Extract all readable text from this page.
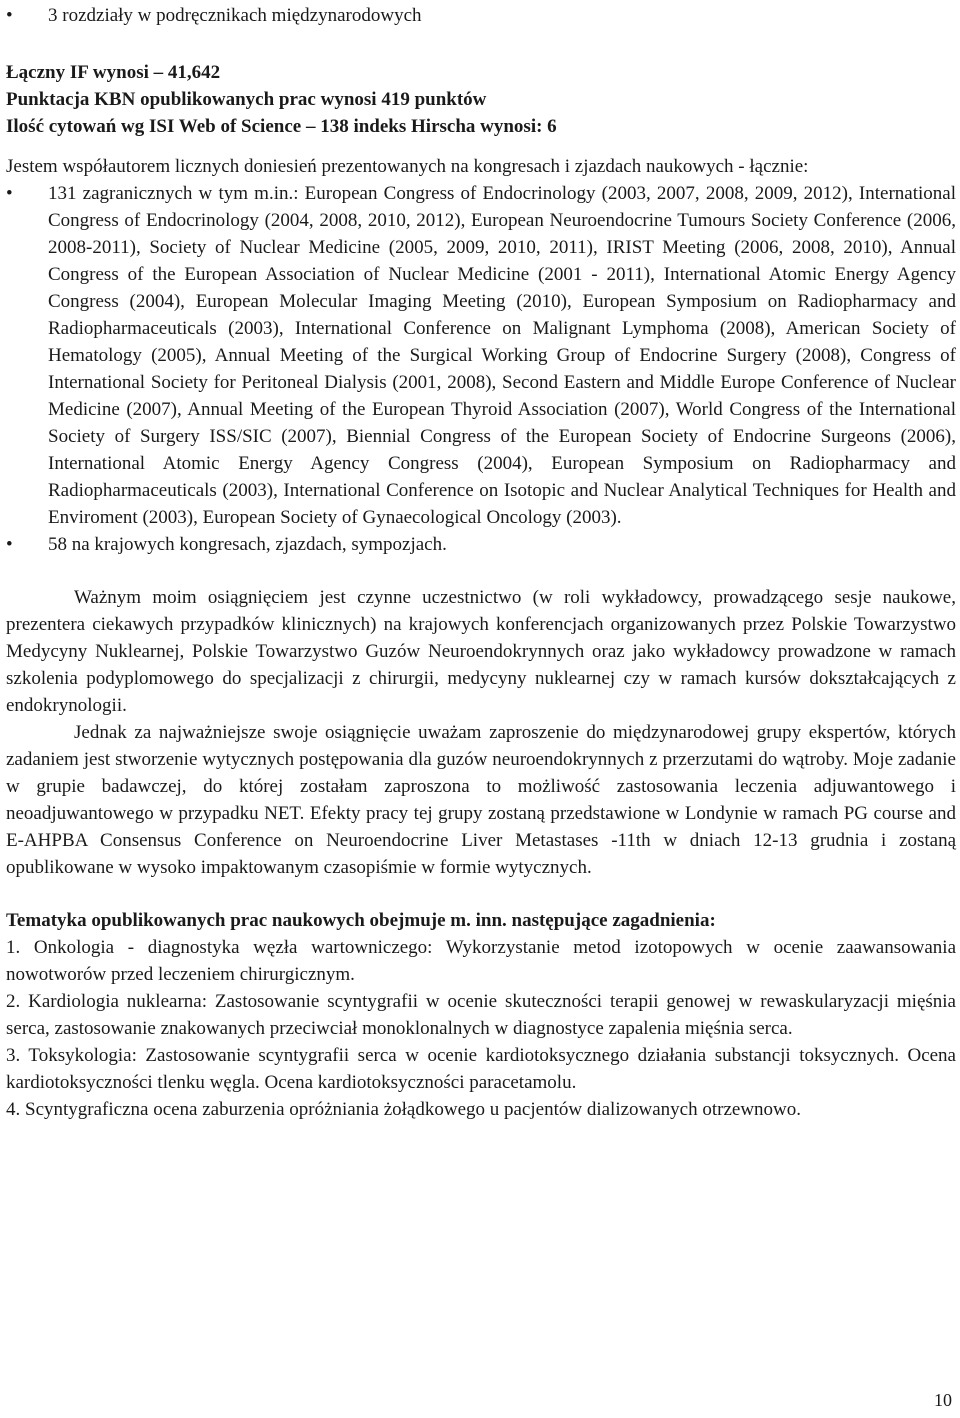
• 3 rozdziały w podręcznikach międzynarodowych
Łączny IF wynosi – 41,642
Punktacja KBN opublikowanych prac wynosi 419 punktów
Ilość cytowań wg ISI Web of Science – 138 indeks Hirscha wynosi: 6
Jestem współautorem licznych doniesień prezentowanych na kongresach i zjazdach naukowych - łącznie:
• 131 zagranicznych w tym m.in.: European Congress of Endocrinology (2003, 2007, 2008, 2009, 2012), International Congress of Endocrinology (2004, 2008, 2010, 2012), European Neuroendocrine Tumours Society Conference (2006, 2008-2011), Society of Nuclear Medicine (2005, 2009, 2010, 2011), IRIST Meeting (2006, 2008, 2010), Annual Congress of the European Association of Nuclear Medicine (2001 - 2011), International Atomic Energy Agency Congress (2004), European Molecular Imaging Meeting (2010), European Symposium on Radiopharmacy and Radiopharmaceuticals (2003), International Conference on Malignant Lymphoma (2008), American Society of Hematology (2005), Annual Meeting of the Surgical Working Group of Endocrine Surgery (2008), Congress of International Society for Peritoneal Dialysis (2001, 2008), Second Eastern and Middle Europe Conference of Nuclear Medicine (2007), Annual Meeting of the European Thyroid Association (2007), World Congress of the International Society of Surgery ISS/SIC (2007), Biennial Congress of the European Society of Endocrine Surgeons (2006), International Atomic Energy Agency Congress (2004), European Symposium on Radiopharmacy and Radiopharmaceuticals (2003), International Conference on Isotopic and Nuclear Analytical Techniques for Health and Enviroment (2003), European Society of Gynaecological Oncology (2003).
• 58 na krajowych kongresach, zjazdach, sympozjach.
Ważnym moim osiągnięciem jest czynne uczestnictwo (w roli wykładowcy, prowadzącego sesje naukowe, prezentera ciekawych przypadków klinicznych) na krajowych konferencjach organizowanych przez Polskie Towarzystwo Medycyny Nuklearnej, Polskie Towarzystwo Guzów Neuroendokrynnych oraz jako wykładowcy prowadzone w ramach szkolenia podyplomowego do specjalizacji z chirurgii, medycyny nuklearnej czy w ramach kursów dokształcających z endokrynologii.
Jednak za najważniejsze swoje osiągnięcie uważam zaproszenie do międzynarodowej grupy ekspertów, których zadaniem jest stworzenie wytycznych postępowania dla guzów neuroendokrynnych z przerzutami do wątroby. Moje zadanie w grupie badawczej, do której zostałam zaproszona to możliwość zastosowania leczenia adjuwantowego i neoadjuwantowego w przypadku NET. Efekty pracy tej grupy zostaną przedstawione w Londynie w ramach PG course and E-AHPBA Consensus Conference on Neuroendocrine Liver Metastases -11th w dniach 12-13 grudnia i zostaną opublikowane w wysoko impaktowanym czasopiśmie w formie wytycznych.
Tematyka opublikowanych prac naukowych obejmuje m. inn. następujące zagadnienia:
1. Onkologia - diagnostyka węzła wartowniczego: Wykorzystanie metod izotopowych w ocenie zaawansowania nowotworów przed leczeniem chirurgicznym.
2. Kardiologia nuklearna: Zastosowanie scyntygrafii w ocenie skuteczności terapii genowej w rewaskularyzacji mięśnia serca, zastosowanie znakowanych przeciwciał monoklonalnych w diagnostyce zapalenia mięśnia serca.
3. Toksykologia: Zastosowanie scyntygrafii serca w ocenie kardiotoksycznego działania substancji toksycznych. Ocena kardiotoksyczności tlenku węgla. Ocena kardiotoksyczności paracetamolu.
4. Scyntygraficzna ocena zaburzenia opróżniania żołądkowego u pacjentów dializowanych otrzewnowo.
10
